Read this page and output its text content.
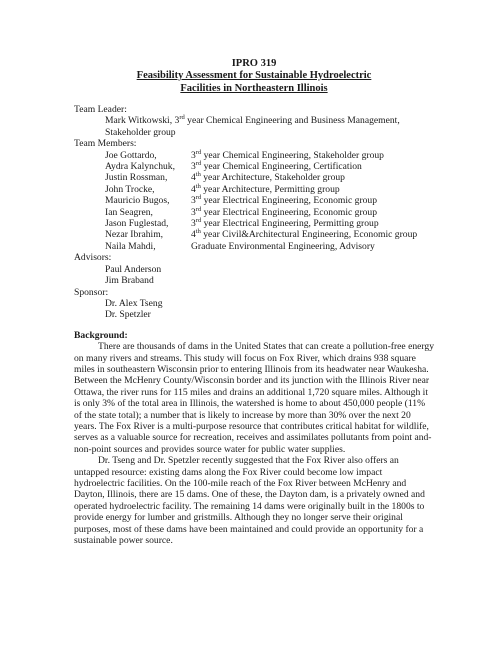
IPRO 319
Feasibility Assessment for Sustainable Hydroelectric
Facilities in Northeastern Illinois
Team Leader:
Mark Witkowski, 3rd year Chemical Engineering and Business Management,
Stakeholder group
Team Members:
Joe Gottardo,	3rd year Chemical Engineering, Stakeholder group
Aydra Kalynchuk,	3rd year Chemical Engineering, Certification
Justin Rossman,	4th year Architecture, Stakeholder group
John Trocke,	4th year Architecture, Permitting group
Mauricio Bugos,	3rd year Electrical Engineering, Economic group
Ian Seagren,	3rd year Electrical Engineering, Economic group
Jason Fuglestad,	3rd year Electrical Engineering, Permitting group
Nezar Ibrahim,	4th year Civil&Architectural Engineering, Economic group
Naila Mahdi,	Graduate Environmental Engineering, Advisory
Advisors:
Paul Anderson
Jim Braband
Sponsor:
Dr. Alex Tseng
Dr. Spetzler
Background:
There are thousands of dams in the United States that can create a pollution-free energy on many rivers and streams. This study will focus on Fox River, which drains 938 square miles in southeastern Wisconsin prior to entering Illinois from its headwater near Waukesha. Between the McHenry County/Wisconsin border and its junction with the Illinois River near Ottawa, the river runs for 115 miles and drains an additional 1,720 square miles. Although it is only 3% of the total area in Illinois, the watershed is home to about 450,000 people (11% of the state total); a number that is likely to increase by more than 30% over the next 20 years. The Fox River is a multi-purpose resource that contributes critical habitat for wildlife, serves as a valuable source for recreation, receives and assimilates pollutants from point and-non-point sources and provides source water for public water supplies.
Dr. Tseng and Dr. Spetzler recently suggested that the Fox River also offers an untapped resource: existing dams along the Fox River could become low impact hydroelectric facilities. On the 100-mile reach of the Fox River between McHenry and Dayton, Illinois, there are 15 dams. One of these, the Dayton dam, is a privately owned and operated hydroelectric facility. The remaining 14 dams were originally built in the 1800s to provide energy for lumber and gristmills. Although they no longer serve their original purposes, most of these dams have been maintained and could provide an opportunity for a sustainable power source.
